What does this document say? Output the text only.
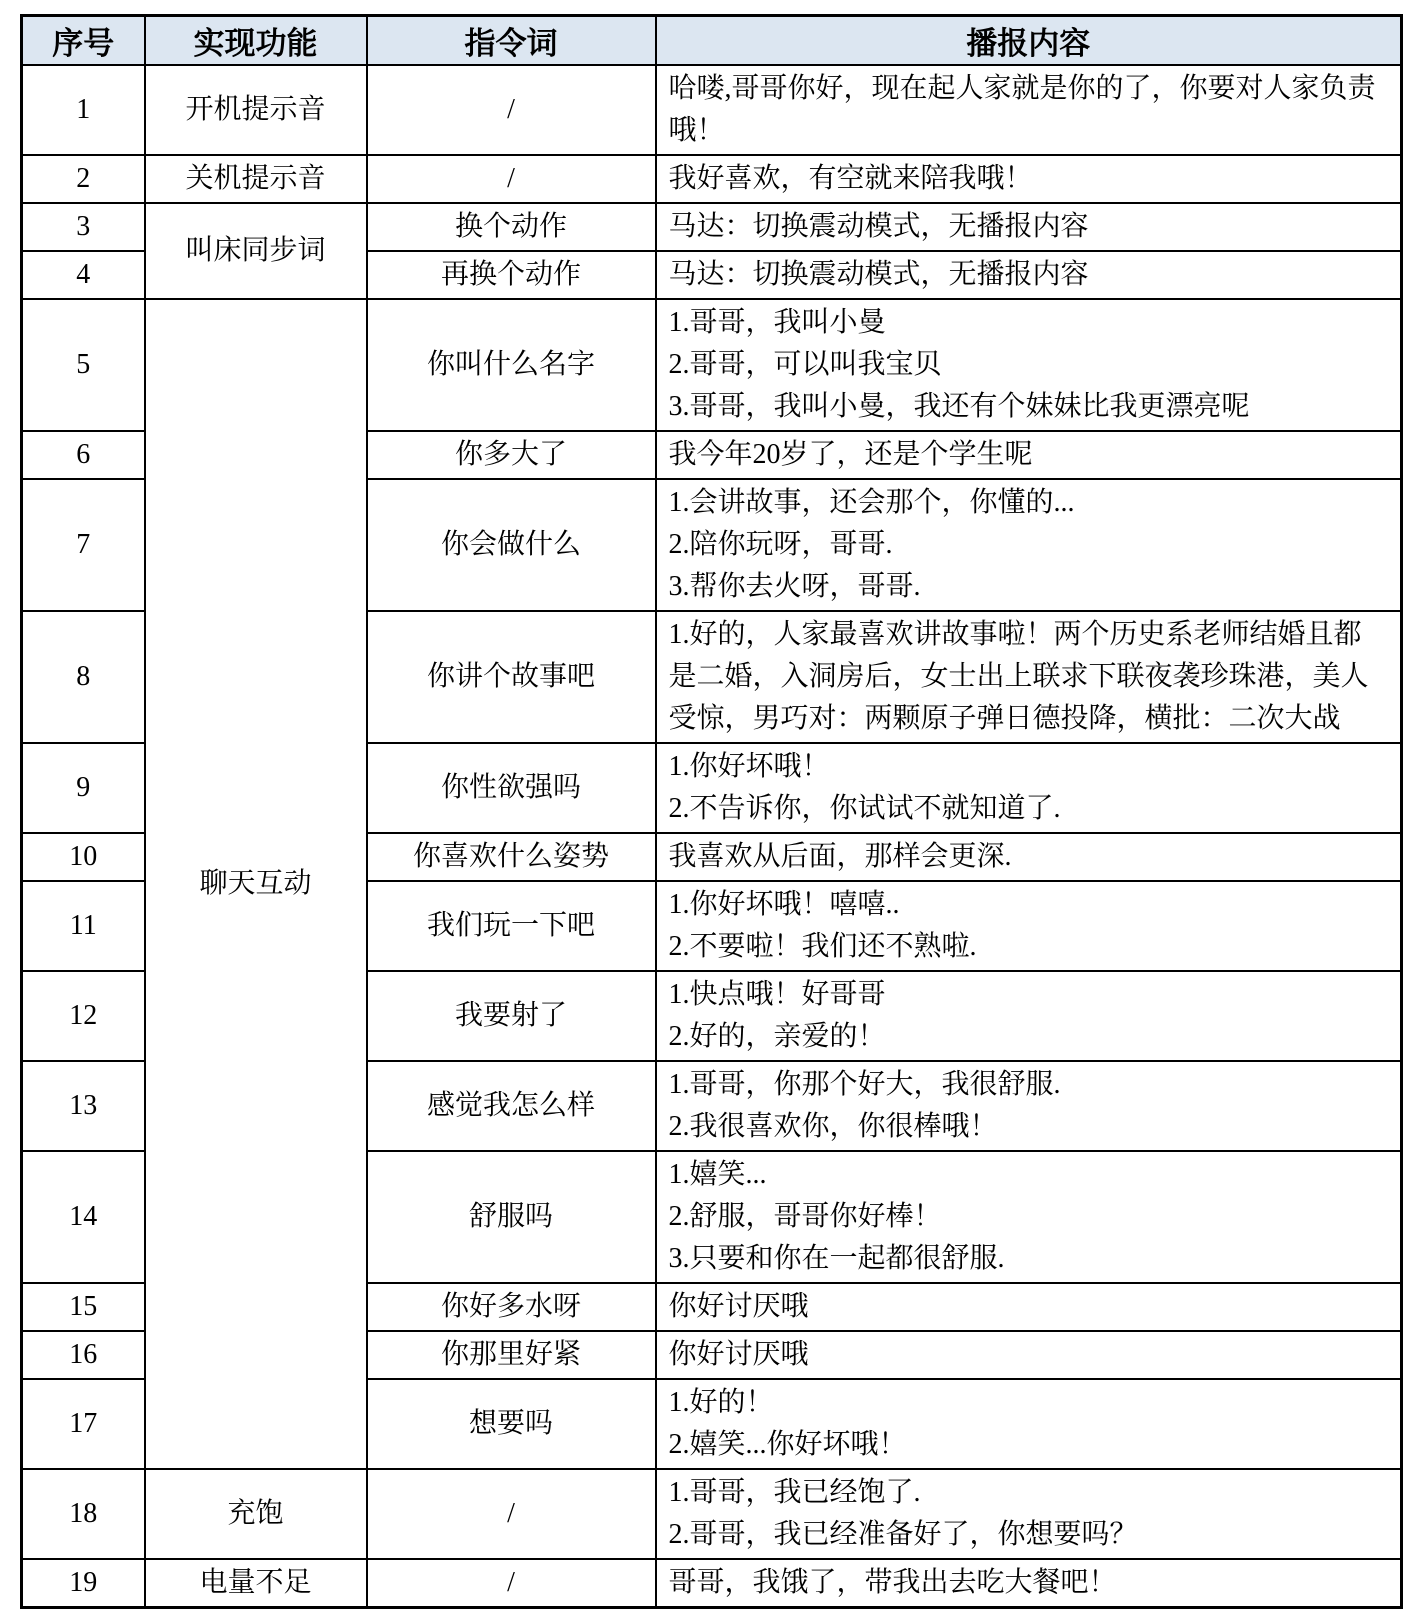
序号	实现功能	指令词	播报内容
1	开机提示音	/	哈喽,哥哥你好，现在起人家就是你的了，你要对人家负责哦！

2	关机提示音	/	我好喜欢，有空就来陪我哦！

3	叫床同步词	换个动作	马达：切换震动模式，无播报内容

4		再换个动作	马达：切换震动模式，无播报内容

5	聊天互动	你叫什么名字	1.哥哥，我叫小曼
2.哥哥，可以叫我宝贝
3.哥哥，我叫小曼，我还有个妹妹比我更漂亮呢

6		你多大了	我今年20岁了，还是个学生呢

7		你会做什么	1.会讲故事，还会那个，你懂的...
2.陪你玩呀，哥哥.
3.帮你去火呀，哥哥.

8		你讲个故事吧	1.好的，人家最喜欢讲故事啦！两个历史系老师结婚且都是二婚，入洞房后，女士出上联求下联夜袭珍珠港，美人受惊，男巧对：两颗原子弹日德投降，横批：二次大战

9		你性欲强吗	1.你好坏哦！
2.不告诉你，你试试不就知道了.

10		你喜欢什么姿势	我喜欢从后面，那样会更深.

11		我们玩一下吧	1.你好坏哦！嘻嘻..
2.不要啦！我们还不熟啦.

12		我要射了	1.快点哦！好哥哥
2.好的，亲爱的！

13		感觉我怎么样	1.哥哥，你那个好大，我很舒服.
2.我很喜欢你，你很棒哦！

14		舒服吗	1.嬉笑...
2.舒服，哥哥你好棒！
3.只要和你在一起都很舒服.

15		你好多水呀	你好讨厌哦

16		你那里好紧	你好讨厌哦

17		想要吗	1.好的！
2.嬉笑...你好坏哦！

18	充饱	/	1.哥哥，我已经饱了.
2.哥哥，我已经准备好了，你想要吗？

19	电量不足	/	哥哥，我饿了，带我出去吃大餐吧！
